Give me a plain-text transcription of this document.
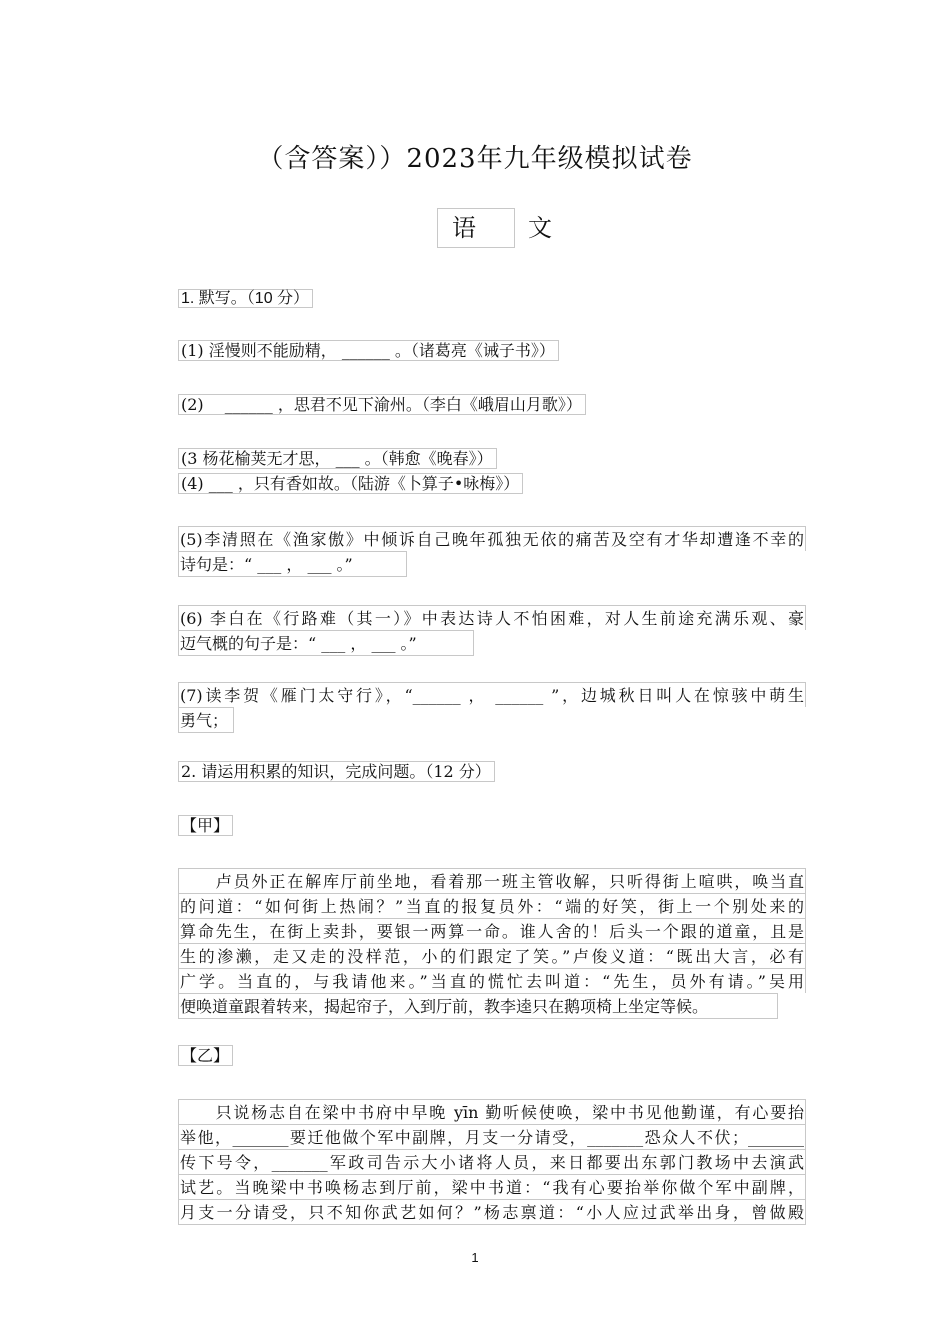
（含答案））2023年九年级模拟试卷
语　文
1. 默写。（10 分）
(1) 淫慢则不能励精， ______ 。（诸葛亮《诫子书》）
(2)　 ______ ，思君不见下渝州。（李白《峨眉山月歌》）
(3 杨花榆荚无才思， ___ 。（韩愈《晚春》）
(4) ___ ，只有香如故。（陆游《卜算子•咏梅》）
(5)李清照在《渔家傲》中倾诉自己晚年孤独无依的痛苦及空有才华却遭逢不幸的
诗句是：“ ___ ， ___ 。”
(6) 李白在《行路难（其一）》中表达诗人不怕困难，对人生前途充满乐观、豪
迈气概的句子是：“ ___ ， ___ 。”
(7)读李贺《雁门太守行》，“______ ， ______ ”，边城秋日叫人在惊骇中萌生
勇气；
2. 请运用积累的知识，完成问题。（12 分）
【甲】
　　卢员外正在解库厅前坐地，看着那一班主管收解，只听得街上喧哄，唤当直
的问道：“如何街上热闹？”当直的报复员外：“端的好笑，街上一个别处来的
算命先生，在街上卖卦，要银一两算一命。谁人舍的！后头一个跟的道童，且是
生的渗濑，走又走的没样范，小的们跟定了笑。”卢俊义道：“既出大言，必有
广学。当直的，与我请他来。”当直的慌忙去叫道：“先生，员外有请。”吴用
便唤道童跟着转来，揭起帘子，入到厅前，教李逵只在鹅项椅上坐定等候。
【乙】
　　只说杨志自在梁中书府中早晚 yīn 勤听候使唤，梁中书见他勤谨，有心要抬
举他，_______要迁他做个军中副牌，月支一分请受，_______恐众人不伏；_______
传下号令，_______军政司告示大小诸将人员，来日都要出东郭门教场中去演武
试艺。当晚梁中书唤杨志到厅前，梁中书道：“我有心要抬举你做个军中副牌，
月支一分请受，只不知你武艺如何？”杨志禀道：“小人应过武举出身，曾做殿
1
